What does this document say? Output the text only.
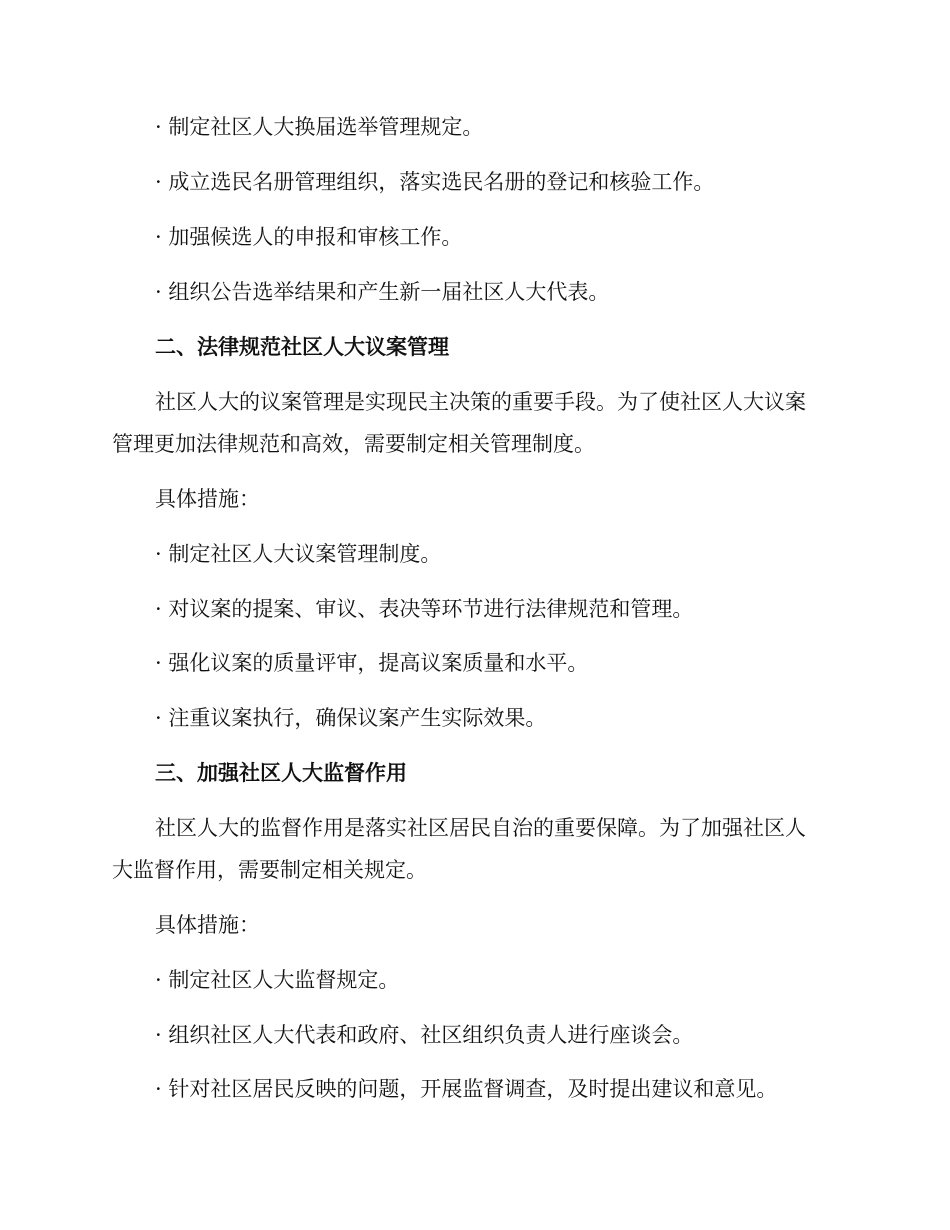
· 制定社区人大换届选举管理规定。
· 成立选民名册管理组织，落实选民名册的登记和核验工作。
· 加强候选人的申报和审核工作。
· 组织公告选举结果和产生新一届社区人大代表。
二、法律规范社区人大议案管理
社区人大的议案管理是实现民主决策的重要手段。为了使社区人大议案
管理更加法律规范和高效，需要制定相关管理制度。
具体措施：
· 制定社区人大议案管理制度。
· 对议案的提案、审议、表决等环节进行法律规范和管理。
· 强化议案的质量评审，提高议案质量和水平。
· 注重议案执行，确保议案产生实际效果。
三、加强社区人大监督作用
社区人大的监督作用是落实社区居民自治的重要保障。为了加强社区人
大监督作用，需要制定相关规定。
具体措施：
· 制定社区人大监督规定。
· 组织社区人大代表和政府、社区组织负责人进行座谈会。
· 针对社区居民反映的问题，开展监督调查，及时提出建议和意见。
